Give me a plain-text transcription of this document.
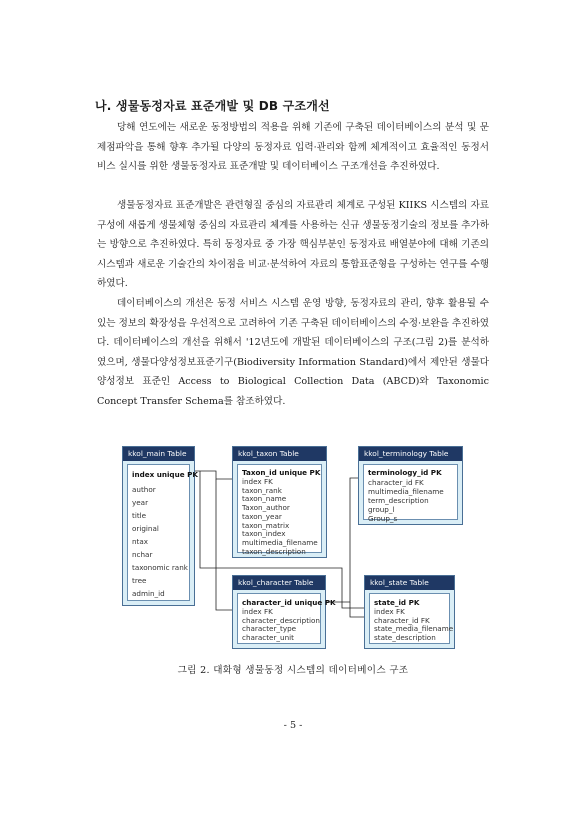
나. 생물동정자료 표준개발 및 DB 구조개선

당해 연도에는 새로운 동정방법의 적용을 위해 기존에 구축된 데이터베이스의 분석 및 문제점파악을 통해 향후 추가될 다양의 동정자료 입력·관리와 함께 체계적이고 효율적인 동정서비스 실시를 위한 생물동정자료 표준개발 및 데이터베이스 구조개선을 추진하였다.

생물동정자료 표준개발은 관련형질 중심의 자료관리 체계로 구성된 KIIKS 시스템의 자료구성에 새롭게 생물체형 중심의 자료관리 체계를 사용하는 신규 생물동정기술의 정보를 추가하는 방향으로 추진하였다. 특히 동정자료 중 가장 핵심부분인 동정자료 배열분야에 대해 기존의 시스템과 새로운 기술간의 차이점을 비교·분석하여 자료의 통합표준형을 구성하는 연구를 수행하였다.

데이터베이스의 개선은 동정 서비스 시스템 운영 방향, 동정자료의 관리, 향후 활용될 수 있는 정보의 확장성을 우선적으로 고려하여 기존 구축된 데이터베이스의 수정·보완을 추진하였다. 데이터베이스의 개선을 위해서 '12년도에 개발된 데이터베이스의 구조(그림 2)를 분석하였으며, 생물다양성정보표준기구(Biodiversity Information Standard)에서 제안된 생물다양성정보 표준인 Access to Biological Collection Data (ABCD)와 Taxonomic Concept Transfer Schema를 참조하였다.

kkol_main Table
index unique PK
author
year
title
original
ntax
nchar
taxonomic rank
tree
admin_id
kkol_taxon Table
Taxon_id unique PK
index FK
taxon_rank
taxon_name
Taxon_author
taxon_year
taxon_matrix
taxon_index
multimedia_filename
taxon_description
kkol_terminology Table
terminology_id PK
character_id FK
multimedia_filename
term_description
group_l
Group_s
kkol_character Table
character_id unique PK
index FK
character_description
character_type
character_unit
kkol_state Table
state_id PK
index FK
character_id FK
state_media_filename
state_description
그림 2. 대화형 생물동정 시스템의 데이터베이스 구조
- 5 -
